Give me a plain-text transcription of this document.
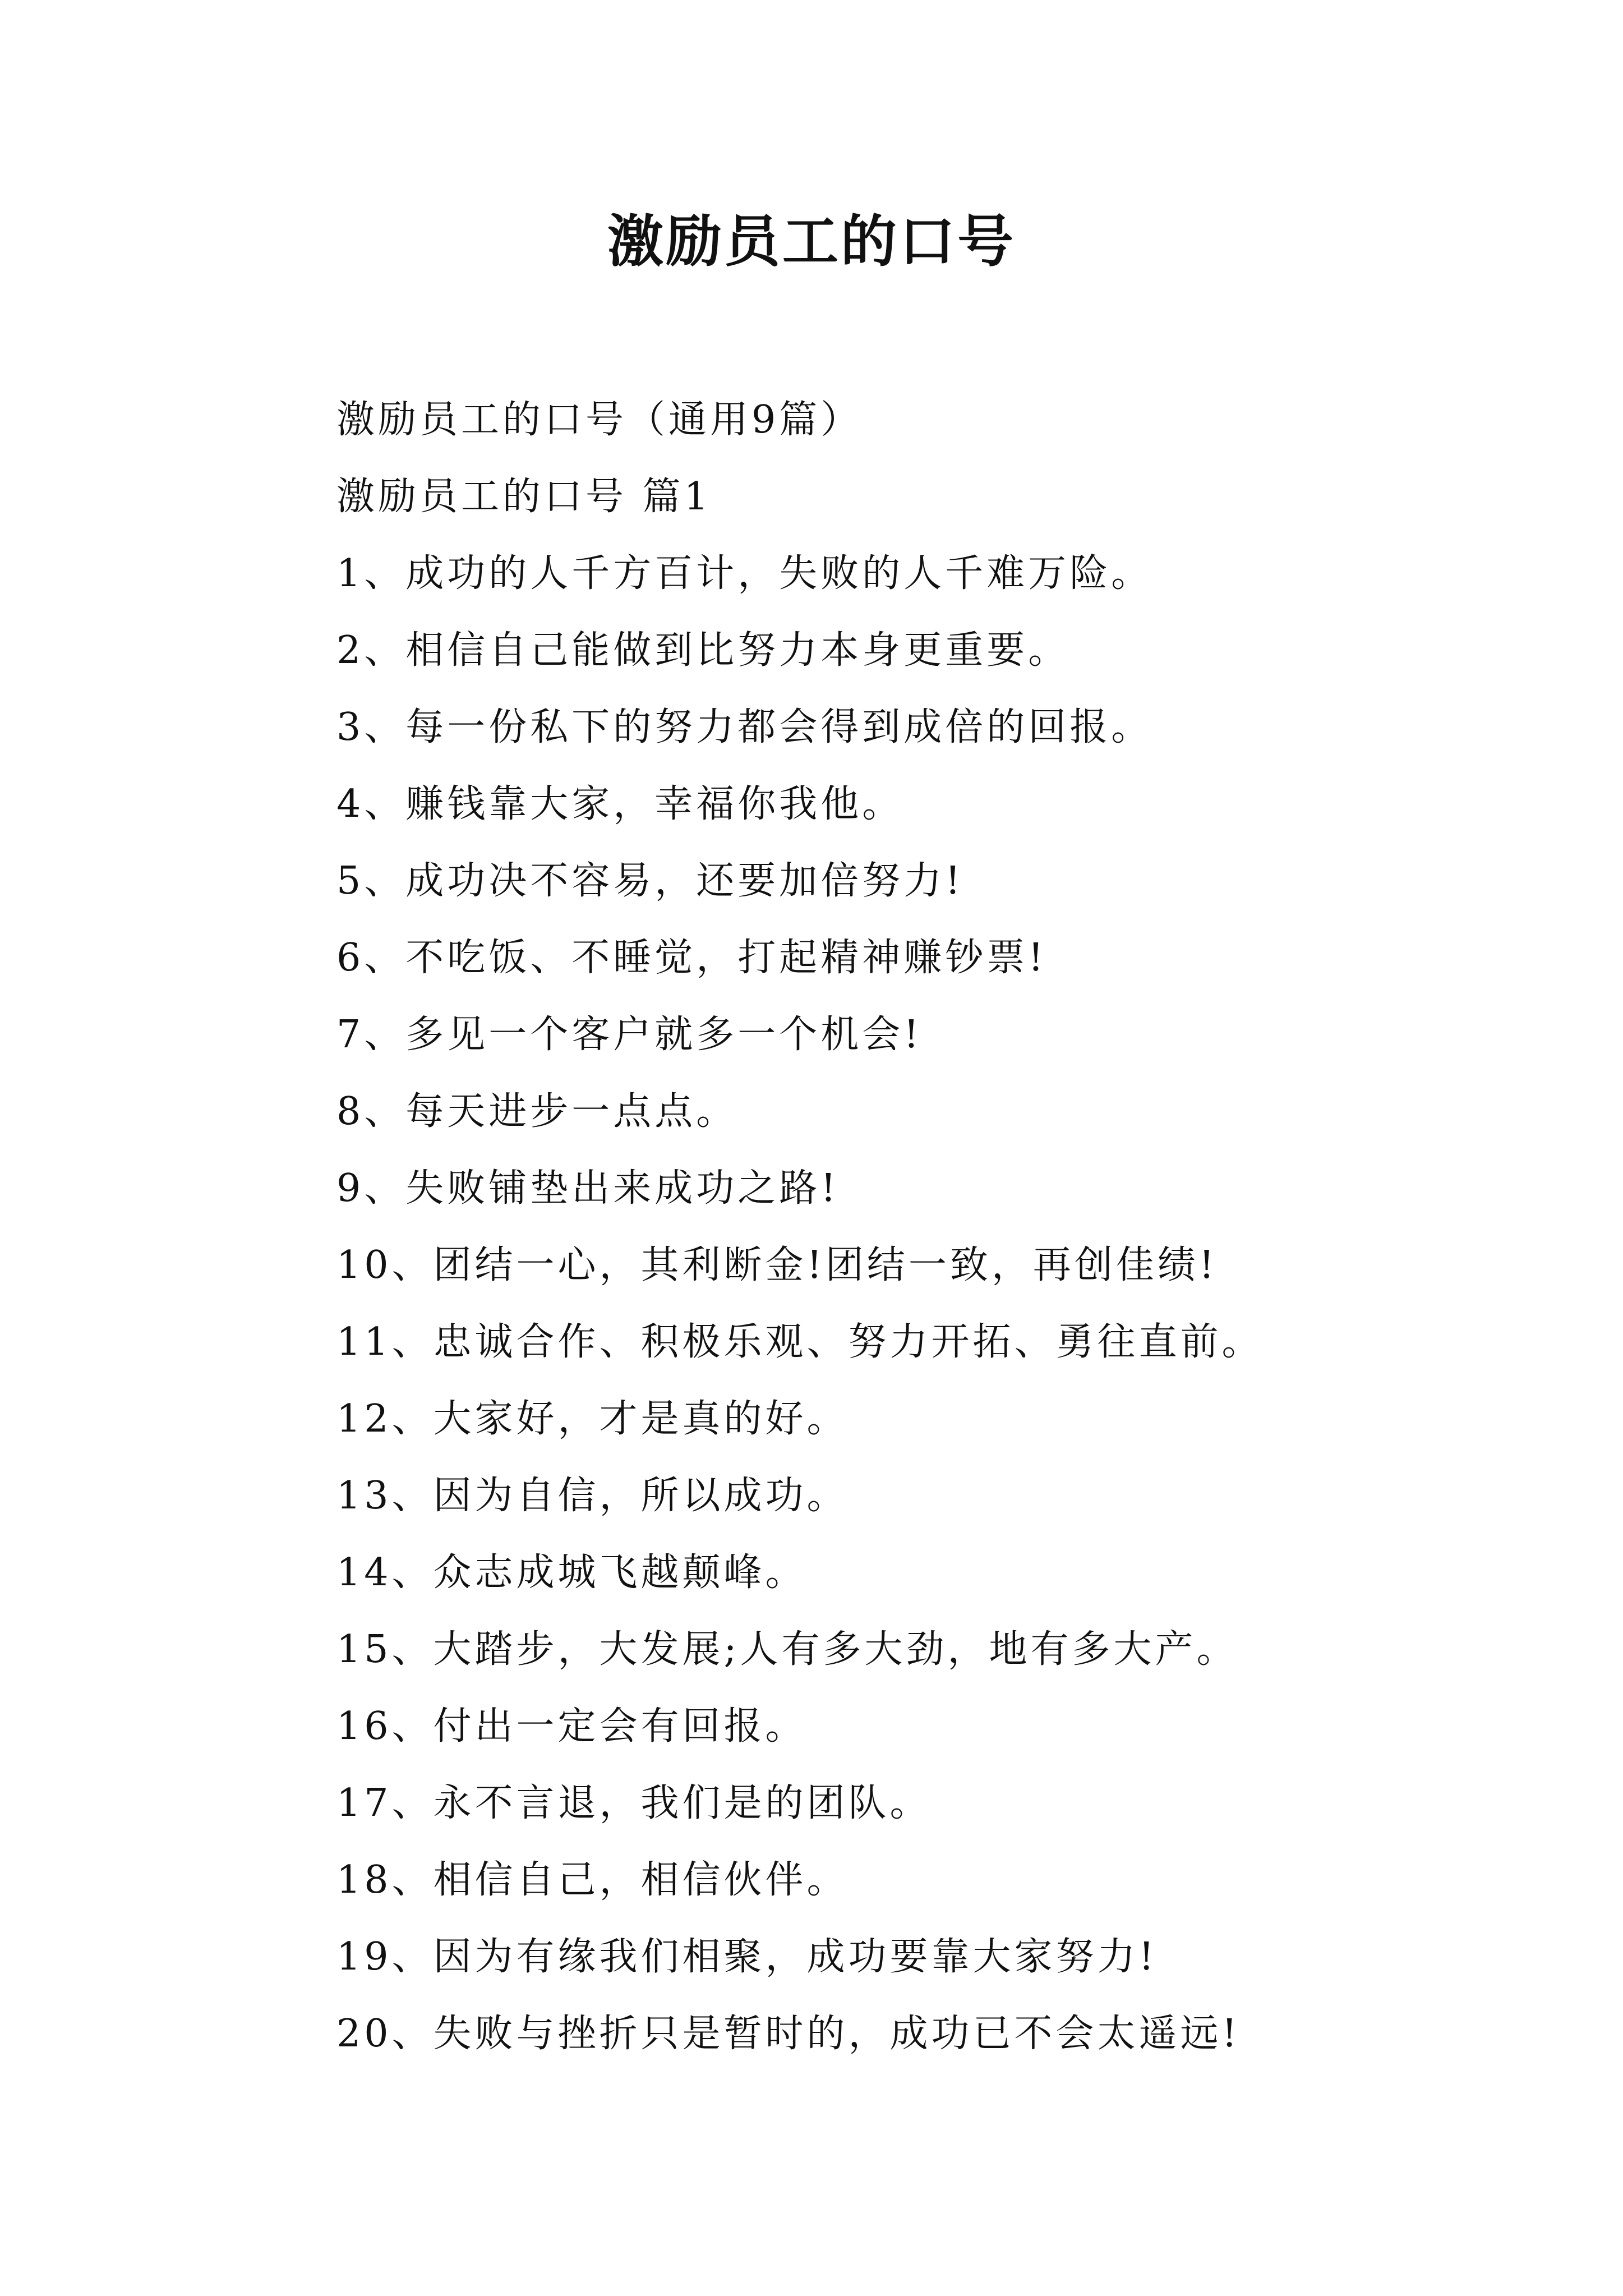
激励员工的口号
激励员工的口号（通用9篇）
激励员工的口号 篇1
1、成功的人千方百计，失败的人千难万险。
2、相信自己能做到比努力本身更重要。
3、每一份私下的努力都会得到成倍的回报。
4、赚钱靠大家，幸福你我他。
5、成功决不容易，还要加倍努力!
6、不吃饭、不睡觉，打起精神赚钞票!
7、多见一个客户就多一个机会!
8、每天进步一点点。
9、失败铺垫出来成功之路!
10、团结一心，其利断金!团结一致，再创佳绩!
11、忠诚合作、积极乐观、努力开拓、勇往直前。
12、大家好，才是真的好。
13、因为自信，所以成功。
14、众志成城飞越颠峰。
15、大踏步，大发展;人有多大劲，地有多大产。
16、付出一定会有回报。
17、永不言退，我们是的团队。
18、相信自己，相信伙伴。
19、因为有缘我们相聚，成功要靠大家努力!
20、失败与挫折只是暂时的，成功已不会太遥远!
